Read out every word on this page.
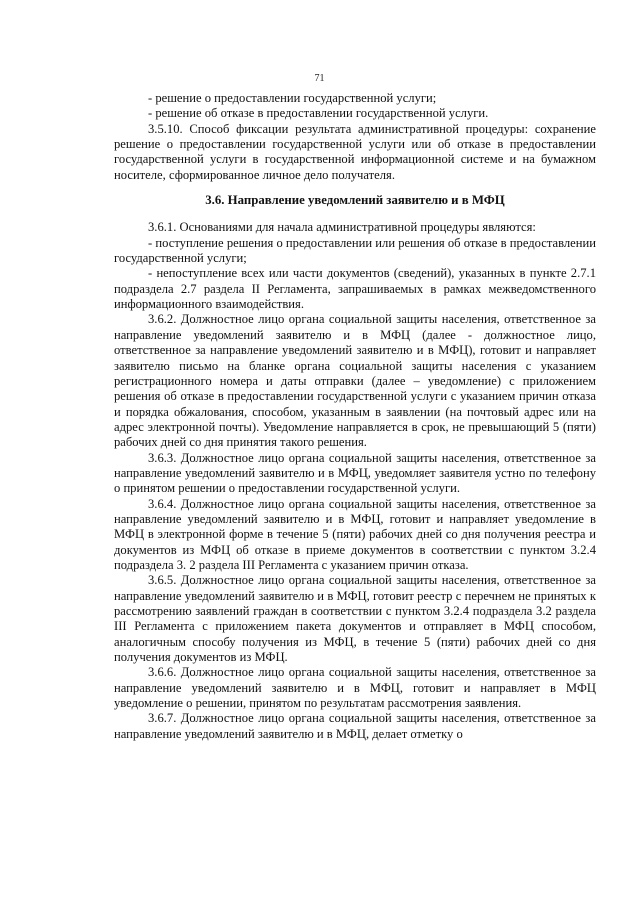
71

- решение о предоставлении государственной услуги;

- решение об отказе в предоставлении государственной услуги.

3.5.10. Способ фиксации результата административной процедуры: сохранение решение о предоставлении государственной услуги или об отказе в предоставлении государственной услуги в государственной информационной системе и на бумажном носителе, сформированное личное дело получателя.

3.6. Направление уведомлений заявителю и в МФЦ

3.6.1. Основаниями для начала административной процедуры являются:

- поступление решения о предоставлении или решения об отказе в предоставлении государственной услуги;

- непоступление всех или части документов (сведений), указанных в пункте 2.7.1 подраздела 2.7 раздела II Регламента, запрашиваемых в рамках межведомственного информационного взаимодействия.

3.6.2. Должностное лицо органа социальной защиты населения, ответственное за направление уведомлений заявителю и в МФЦ (далее - должностное лицо, ответственное за направление уведомлений заявителю и в МФЦ), готовит и направляет заявителю письмо на бланке органа социальной защиты населения с указанием регистрационного номера и даты отправки (далее – уведомление) с приложением решения об отказе в предоставлении государственной услуги с указанием причин отказа и порядка обжалования, способом, указанным в заявлении (на почтовый адрес или на адрес электронной почты). Уведомление направляется в срок, не превышающий 5 (пяти) рабочих дней со дня принятия такого решения.

3.6.3. Должностное лицо органа социальной защиты населения, ответственное за направление уведомлений заявителю и в МФЦ, уведомляет заявителя устно по телефону о принятом решении о предоставлении государственной услуги.

3.6.4. Должностное лицо органа социальной защиты населения, ответственное за направление уведомлений заявителю и в МФЦ, готовит и направляет уведомление в МФЦ в электронной форме в течение 5 (пяти) рабочих дней со дня получения реестра и документов из МФЦ об отказе в приеме документов в соответствии с пунктом 3.2.4 подраздела 3. 2 раздела III Регламента с указанием причин отказа.

3.6.5. Должностное лицо органа социальной защиты населения, ответственное за направление уведомлений заявителю и в МФЦ, готовит реестр с перечнем не принятых к рассмотрению заявлений граждан в соответствии с пунктом 3.2.4 подраздела 3.2 раздела III Регламента с приложением пакета документов и отправляет в МФЦ способом, аналогичным способу получения из МФЦ, в течение 5 (пяти) рабочих дней со дня получения документов из МФЦ.

3.6.6. Должностное лицо органа социальной защиты населения, ответственное за направление уведомлений заявителю и в МФЦ, готовит и направляет в МФЦ уведомление о решении, принятом по результатам рассмотрения заявления.

3.6.7. Должностное лицо органа социальной защиты населения, ответственное за направление уведомлений заявителю и в МФЦ, делает отметку о
